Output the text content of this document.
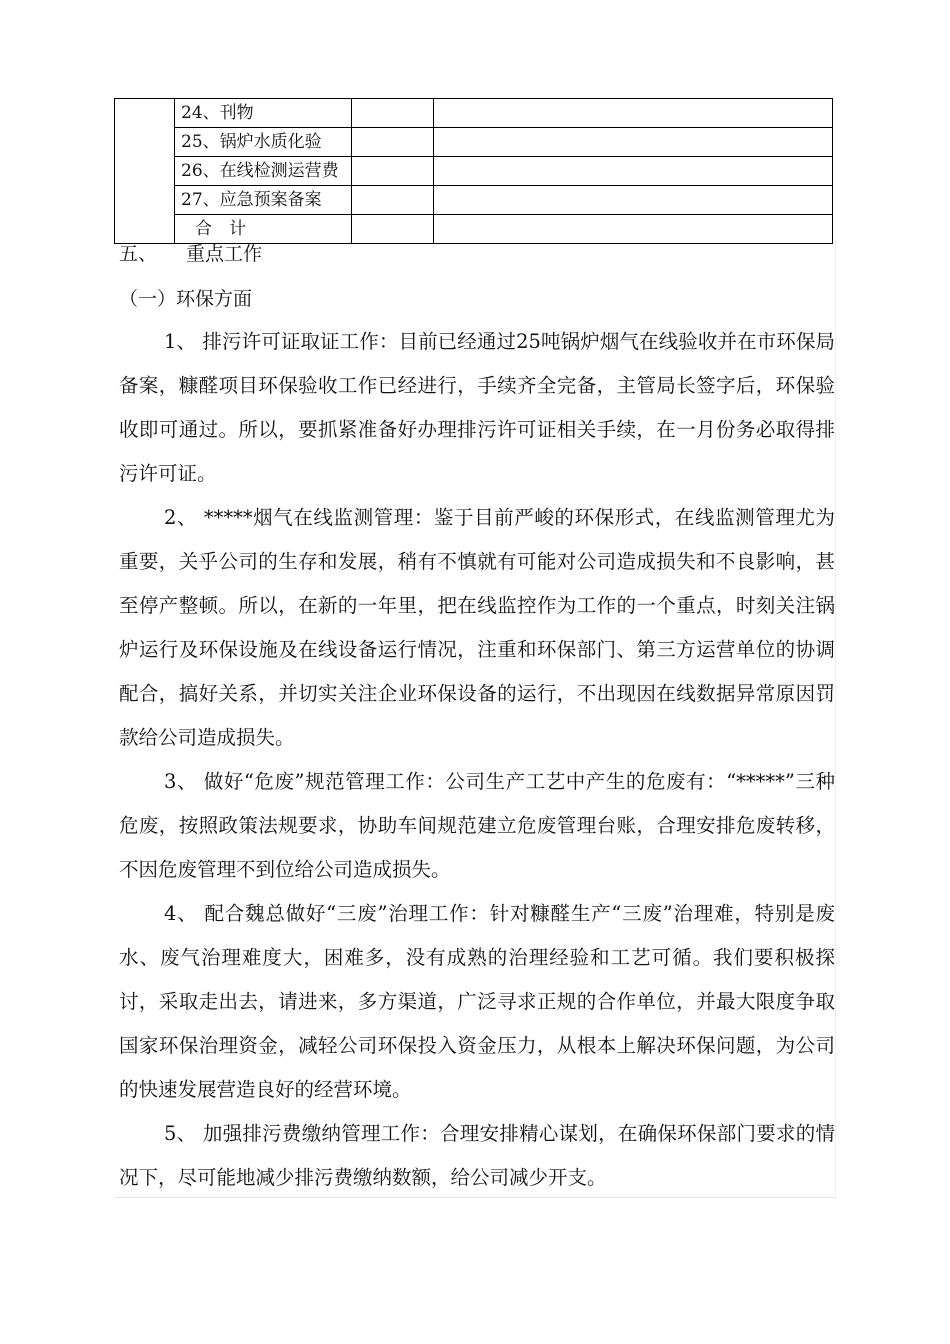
	24、刊物		
	25、锅炉水质化验		
	26、在线检测运营费		
	27、应急预案备案		
	合　计		
五、 重点工作
（一）环保方面

1、 排污许可证取证工作：目前已经通过25吨锅炉烟气在线验收并在市环保局备案，糠醛项目环保验收工作已经进行，手续齐全完备，主管局长签字后，环保验收即可通过。所以，要抓紧准备好办理排污许可证相关手续，在一月份务必取得排污许可证。

2、 *****烟气在线监测管理：鉴于目前严峻的环保形式，在线监测管理尤为重要，关乎公司的生存和发展，稍有不慎就有可能对公司造成损失和不良影响，甚至停产整顿。所以，在新的一年里，把在线监控作为工作的一个重点，时刻关注锅炉运行及环保设施及在线设备运行情况，注重和环保部门、第三方运营单位的协调配合，搞好关系，并切实关注企业环保设备的运行，不出现因在线数据异常原因罚款给公司造成损失。

3、 做好“危废”规范管理工作：公司生产工艺中产生的危废有：“*****”三种危废，按照政策法规要求，协助车间规范建立危废管理台账，合理安排危废转移，不因危废管理不到位给公司造成损失。

4、 配合魏总做好“三废”治理工作：针对糠醛生产“三废”治理难，特别是废水、废气治理难度大，困难多，没有成熟的治理经验和工艺可循。我们要积极探讨，采取走出去，请进来，多方渠道，广泛寻求正规的合作单位，并最大限度争取国家环保治理资金，减轻公司环保投入资金压力，从根本上解决环保问题，为公司的快速发展营造良好的经营环境。

5、 加强排污费缴纳管理工作：合理安排精心谋划，在确保环保部门要求的情况下，尽可能地减少排污费缴纳数额，给公司减少开支。
